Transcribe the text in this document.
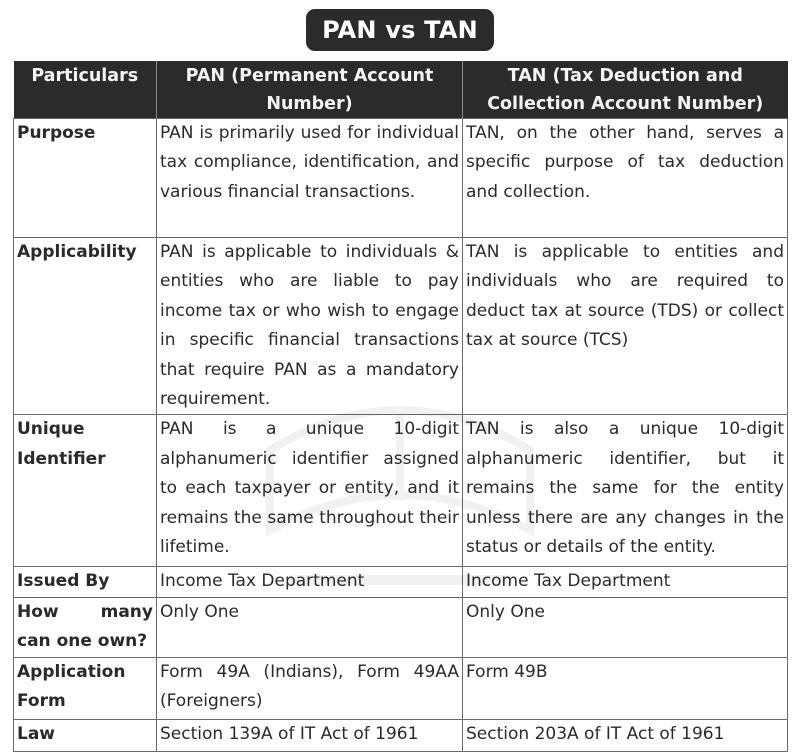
PAN vs TAN
Particulars	PAN (Permanent Account Number)	TAN (Tax Deduction and Collection Account Number)
Purpose	PAN is primarily used for individual tax compliance, identification, and various financial transactions.	TAN, on the other hand, serves a specific purpose of tax deduction and collection.
Applicability	PAN is applicable to individuals & entities who are liable to pay income tax or who wish to engage in specific financial transactions that require PAN as a mandatory requirement.	TAN is applicable to entities and individuals who are required to deduct tax at source (TDS) or collect tax at source (TCS)
Unique Identifier	PAN is a unique 10-digit alphanumeric identifier assigned to each taxpayer or entity, and it remains the same throughout their lifetime.	TAN is also a unique 10-digit alphanumeric identifier, but it remains the same for the entity unless there are any changes in the status or details of the entity.
Issued By	Income Tax Department	Income Tax Department
How many can one own?	Only One	Only One
Application Form	Form 49A (Indians), Form 49AA (Foreigners)	Form 49B
Law	Section 139A of IT Act of 1961	Section 203A of IT Act of 1961
